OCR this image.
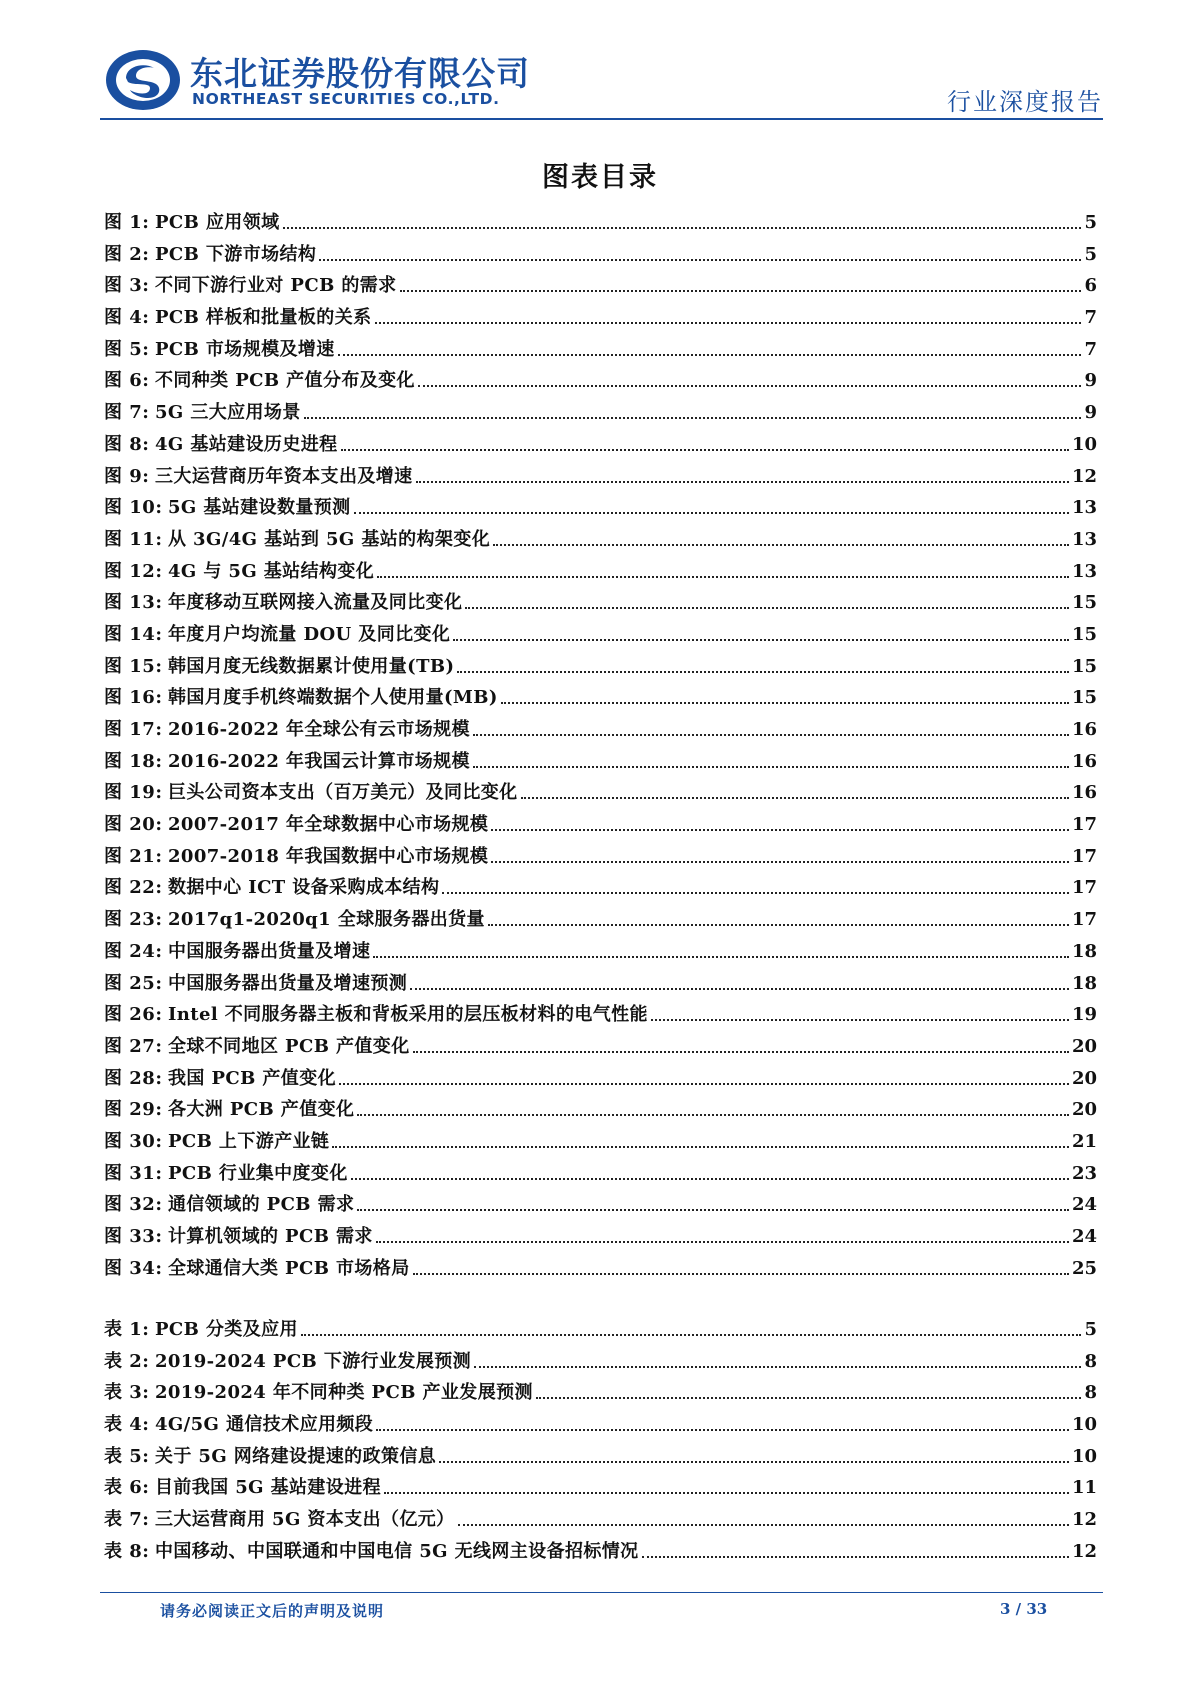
东北证券股份有限公司
NORTHEAST SECURITIES CO.,LTD.	行业深度报告
图表目录
图 1 : PCB 应用领域	5
图 2 : PCB 下游市场结构	5
图 3 : 不同下游行业对 PCB 的需求	6
图 4 : PCB 样板和批量板的关系	7
图 5 : PCB 市场规模及增速	7
图 6 : 不同种类 PCB 产值分布及变化	9
图 7 : 5G 三大应用场景	9
图 8 : 4G 基站建设历史进程	10
图 9 : 三大运营商历年资本支出及增速	12
图 10 : 5G 基站建设数量预测	13
图 11 : 从 3G/4G 基站到 5G 基站的构架变化	13
图 12 : 4G 与 5G 基站结构变化	13
图 13 : 年度移动互联网接入流量及同比变化	15
图 14 : 年度月户均流量 DOU 及同比变化	15
图 15 : 韩国月度无线数据累计使用量(TB)	15
图 16 : 韩国月度手机终端数据个人使用量(MB)	15
图 17 : 2016-2022 年全球公有云市场规模	16
图 18 : 2016-2022 年我国云计算市场规模	16
图 19 : 巨头公司资本支出（百万美元）及同比变化	16
图 20 : 2007-2017 年全球数据中心市场规模	17
图 21 : 2007-2018 年我国数据中心市场规模	17
图 22 : 数据中心 ICT 设备采购成本结构	17
图 23 : 2017q1-2020q1 全球服务器出货量	17
图 24 : 中国服务器出货量及增速	18
图 25 : 中国服务器出货量及增速预测	18
图 26 : Intel 不同服务器主板和背板采用的层压板材料的电气性能	19
图 27 : 全球不同地区 PCB 产值变化	20
图 28 : 我国 PCB 产值变化	20
图 29 : 各大洲 PCB 产值变化	20
图 30 : PCB 上下游产业链	21
图 31 : PCB 行业集中度变化	23
图 32 : 通信领域的 PCB 需求	24
图 33 : 计算机领域的 PCB 需求	24
图 34 : 全球通信大类 PCB 市场格局	25
表 1 : PCB 分类及应用	5
表 2 : 2019-2024 PCB 下游行业发展预测	8
表 3 : 2019-2024 年不同种类 PCB 产业发展预测	8
表 4 : 4G/5G 通信技术应用频段	10
表 5 : 关于 5G 网络建设提速的政策信息	10
表 6 : 目前我国 5G 基站建设进程	11
表 7 : 三大运营商用 5G 资本支出（亿元）	12
表 8 : 中国移动、中国联通和中国电信 5G 无线网主设备招标情况	12
请务必阅读正文后的声明及说明	3 / 33
